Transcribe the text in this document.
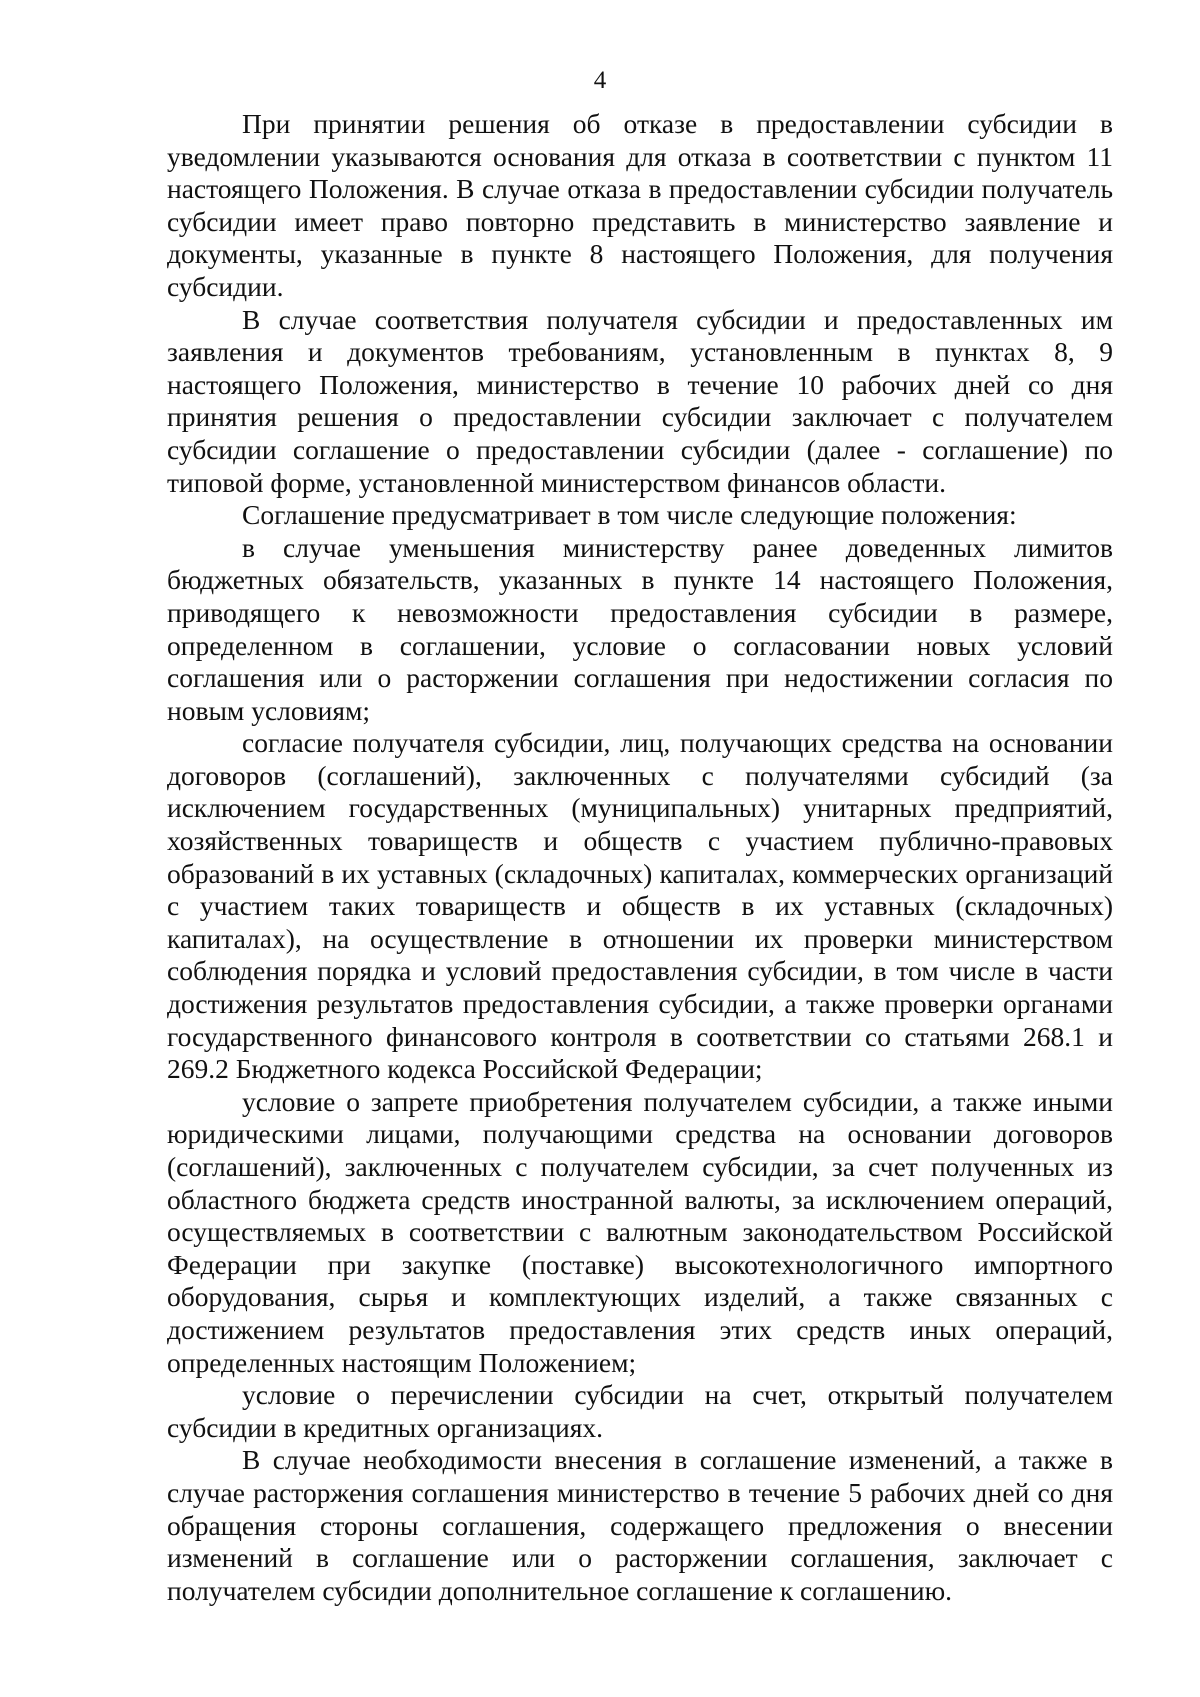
4

При принятии решения об отказе в предоставлении субсидии в уведомлении указываются основания для отказа в соответствии с пунктом 11 настоящего Положения. В случае отказа в предоставлении субсидии получатель субсидии имеет право повторно представить в министерство заявление и документы, указанные в пункте 8 настоящего Положения, для получения субсидии.

В случае соответствия получателя субсидии и предоставленных им заявления и документов требованиям, установленным в пунктах 8, 9 настоящего Положения, министерство в течение 10 рабочих дней со дня принятия решения о предоставлении субсидии заключает с получателем субсидии соглашение о предоставлении субсидии (далее - соглашение) по типовой форме, установленной министерством финансов области.

Соглашение предусматривает в том числе следующие положения:

в случае уменьшения министерству ранее доведенных лимитов бюджетных обязательств, указанных в пункте 14 настоящего Положения, приводящего к невозможности предоставления субсидии в размере, определенном в соглашении, условие о согласовании новых условий соглашения или о расторжении соглашения при недостижении согласия по новым условиям;

согласие получателя субсидии, лиц, получающих средства на основании договоров (соглашений), заключенных с получателями субсидий (за исключением государственных (муниципальных) унитарных предприятий, хозяйственных товариществ и обществ с участием публично-правовых образований в их уставных (складочных) капиталах, коммерческих организаций с участием таких товариществ и обществ в их уставных (складочных) капиталах), на осуществление в отношении их проверки министерством соблюдения порядка и условий предоставления субсидии, в том числе в части достижения результатов предоставления субсидии, а также проверки органами государственного финансового контроля в соответствии со статьями 268.1 и 269.2 Бюджетного кодекса Российской Федерации;

условие о запрете приобретения получателем субсидии, а также иными юридическими лицами, получающими средства на основании договоров (соглашений), заключенных с получателем субсидии, за счет полученных из областного бюджета средств иностранной валюты, за исключением операций, осуществляемых в соответствии с валютным законодательством Российской Федерации при закупке (поставке) высокотехнологичного импортного оборудования, сырья и комплектующих изделий, а также связанных с достижением результатов предоставления этих средств иных операций, определенных настоящим Положением;

условие о перечислении субсидии на счет, открытый получателем субсидии в кредитных организациях.

В случае необходимости внесения в соглашение изменений, а также в случае расторжения соглашения министерство в течение 5 рабочих дней со дня обращения стороны соглашения, содержащего предложения о внесении изменений в соглашение или о расторжении соглашения, заключает с получателем субсидии дополнительное соглашение к соглашению.
